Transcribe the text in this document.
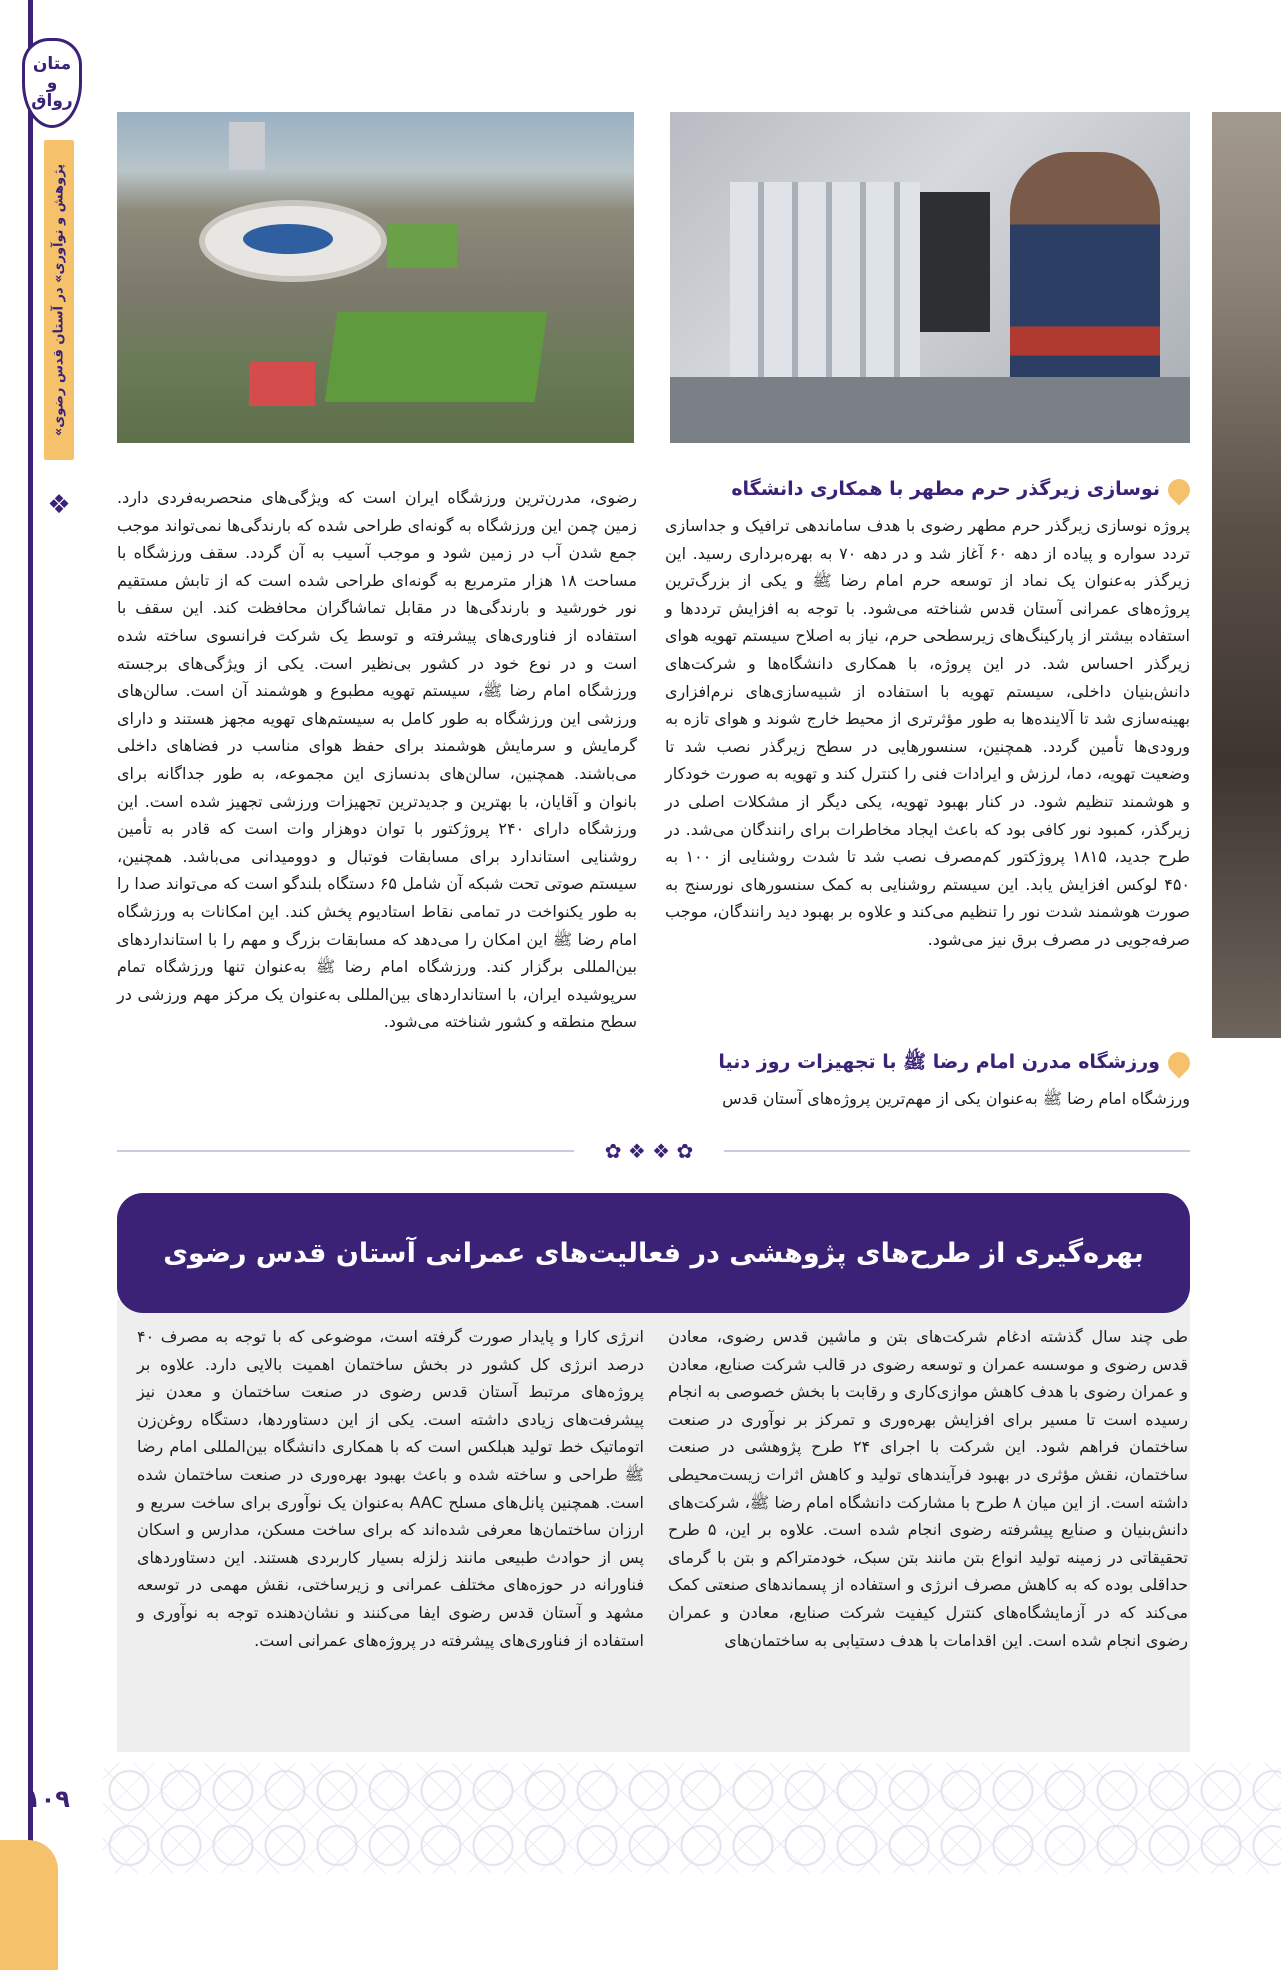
متان و رواق
«پژوهش و نوآوری» در آستان قدس رضوی
❖
۱۰۹
نوسازی زیرگذر حرم مطهر با همکاری دانشگاه
پروژه نوسازی زیرگذر حرم مطهر رضوی با هدف ساماندهی ترافیک و جداسازی تردد سواره و پیاده از دهه ۶۰ آغاز شد و در دهه ۷۰ به بهره‌برداری رسید. این زیرگذر به‌عنوان یک نماد از توسعه حرم امام رضا ﷺ و یکی از بزرگ‌ترین پروژه‌های عمرانی آستان قدس شناخته می‌شود. با توجه به افزایش ترددها و استفاده بیشتر از پارکینگ‌های زیرسطحی حرم، نیاز به اصلاح سیستم تهویه هوای زیرگذر احساس شد. در این پروژه، با همکاری دانشگاه‌ها و شرکت‌های دانش‌بنیان داخلی، سیستم تهویه با استفاده از شبیه‌سازی‌های نرم‌افزاری بهینه‌سازی شد تا آلاینده‌ها به طور مؤثرتری از محیط خارج شوند و هوای تازه به ورودی‌ها تأمین گردد. همچنین، سنسورهایی در سطح زیرگذر نصب شد تا وضعیت تهویه، دما، لرزش و ایرادات فنی را کنترل کند و تهویه به صورت خودکار و هوشمند تنظیم شود. در کنار بهبود تهویه، یکی دیگر از مشکلات اصلی در زیرگذر، کمبود نور کافی بود که باعث ایجاد مخاطرات برای رانندگان می‌شد. در طرح جدید، ۱۸۱۵ پروژکتور کم‌مصرف نصب شد تا شدت روشنایی از ۱۰۰ به ۴۵۰ لوکس افزایش یابد. این سیستم روشنایی به کمک سنسورهای نورسنج به صورت هوشمند شدت نور را تنظیم می‌کند و علاوه بر بهبود دید رانندگان، موجب صرفه‌جویی در مصرف برق نیز می‌شود.
ورزشگاه مدرن امام رضا ﷺ با تجهیزات روز دنیا
ورزشگاه امام رضا ﷺ به‌عنوان یکی از مهم‌ترین پروژه‌های آستان قدس
رضوی، مدرن‌ترین ورزشگاه ایران است که ویژگی‌های منحصربه‌فردی دارد. زمین چمن این ورزشگاه به گونه‌ای طراحی شده که بارندگی‌ها نمی‌تواند موجب جمع شدن آب در زمین شود و موجب آسیب به آن گردد. سقف ورزشگاه با مساحت ۱۸ هزار مترمربع به گونه‌ای طراحی شده است که از تابش مستقیم نور خورشید و بارندگی‌ها در مقابل تماشاگران محافظت کند. این سقف با استفاده از فناوری‌های پیشرفته و توسط یک شرکت فرانسوی ساخته شده است و در نوع خود در کشور بی‌نظیر است. یکی از ویژگی‌های برجسته ورزشگاه امام رضا ﷺ، سیستم تهویه مطبوع و هوشمند آن است. سالن‌های ورزشی این ورزشگاه به طور کامل به سیستم‌های تهویه مجهز هستند و دارای گرمایش و سرمایش هوشمند برای حفظ هوای مناسب در فضاهای داخلی می‌باشند. همچنین، سالن‌های بدنسازی این مجموعه، به طور جداگانه برای بانوان و آقایان، با بهترین و جدیدترین تجهیزات ورزشی تجهیز شده است. این ورزشگاه دارای ۲۴۰ پروژکتور با توان دوهزار وات است که قادر به تأمین روشنایی استاندارد برای مسابقات فوتبال و دوومیدانی می‌باشد. همچنین، سیستم صوتی تحت شبکه آن شامل ۶۵ دستگاه بلندگو است که می‌تواند صدا را به طور یکنواخت در تمامی نقاط استادیوم پخش کند. این امکانات به ورزشگاه امام رضا ﷺ این امکان را می‌دهد که مسابقات بزرگ و مهم را با استانداردهای بین‌المللی برگزار کند. ورزشگاه امام رضا ﷺ به‌عنوان تنها ورزشگاه تمام سرپوشیده ایران، با استانداردهای بین‌المللی به‌عنوان یک مرکز مهم ورزشی در سطح منطقه و کشور شناخته می‌شود.
✿ ❖ ❖ ✿
بهره‌گیری از طرح‌های پژوهشی در فعالیت‌های عمرانی آستان قدس رضوی
طی چند سال گذشته ادغام شرکت‌های بتن و ماشین قدس رضوی، معادن قدس رضوی و موسسه عمران و توسعه رضوی در قالب شرکت صنایع، معادن و عمران رضوی با هدف کاهش موازی‌کاری و رقابت با بخش خصوصی به انجام رسیده است تا مسیر برای افزایش بهره‌وری و تمرکز بر نوآوری در صنعت ساختمان فراهم شود. این شرکت با اجرای ۲۴ طرح پژوهشی در صنعت ساختمان، نقش مؤثری در بهبود فرآیندهای تولید و کاهش اثرات زیست‌محیطی داشته است. از این میان ۸ طرح با مشارکت دانشگاه امام رضا ﷺ، شرکت‌های دانش‌بنیان و صنایع پیشرفته رضوی انجام شده است. علاوه بر این، ۵ طرح تحقیقاتی در زمینه تولید انواع بتن مانند بتن سبک، خودمتراکم و بتن با گرمای حداقلی بوده که به کاهش مصرف انرژی و استفاده از پسماندهای صنعتی کمک می‌کند که در آزمایشگاه‌های کنترل کیفیت شرکت صنایع، معادن و عمران رضوی انجام شده است. این اقدامات با هدف دستیابی به ساختمان‌های
انرژی کارا و پایدار صورت گرفته است، موضوعی که با توجه به مصرف ۴۰ درصد انرژی کل کشور در بخش ساختمان اهمیت بالایی دارد. علاوه بر پروژه‌های مرتبط آستان قدس رضوی در صنعت ساختمان و معدن نیز پیشرفت‌های زیادی داشته است. یکی از این دستاوردها، دستگاه روغن‌زن اتوماتیک خط تولید هبلکس است که با همکاری دانشگاه بین‌المللی امام رضا ﷺ طراحی و ساخته شده و باعث بهبود بهره‌وری در صنعت ساختمان شده است. همچنین پانل‌های مسلح AAC به‌عنوان یک نوآوری برای ساخت سریع و ارزان ساختمان‌ها معرفی شده‌اند که برای ساخت مسکن، مدارس و اسکان پس از حوادث طبیعی مانند زلزله بسیار کاربردی هستند. این دستاوردهای فناورانه در حوزه‌های مختلف عمرانی و زیرساختی، نقش مهمی در توسعه مشهد و آستان قدس رضوی ایفا می‌کنند و نشان‌دهنده توجه به نوآوری و استفاده از فناوری‌های پیشرفته در پروژه‌های عمرانی است.
